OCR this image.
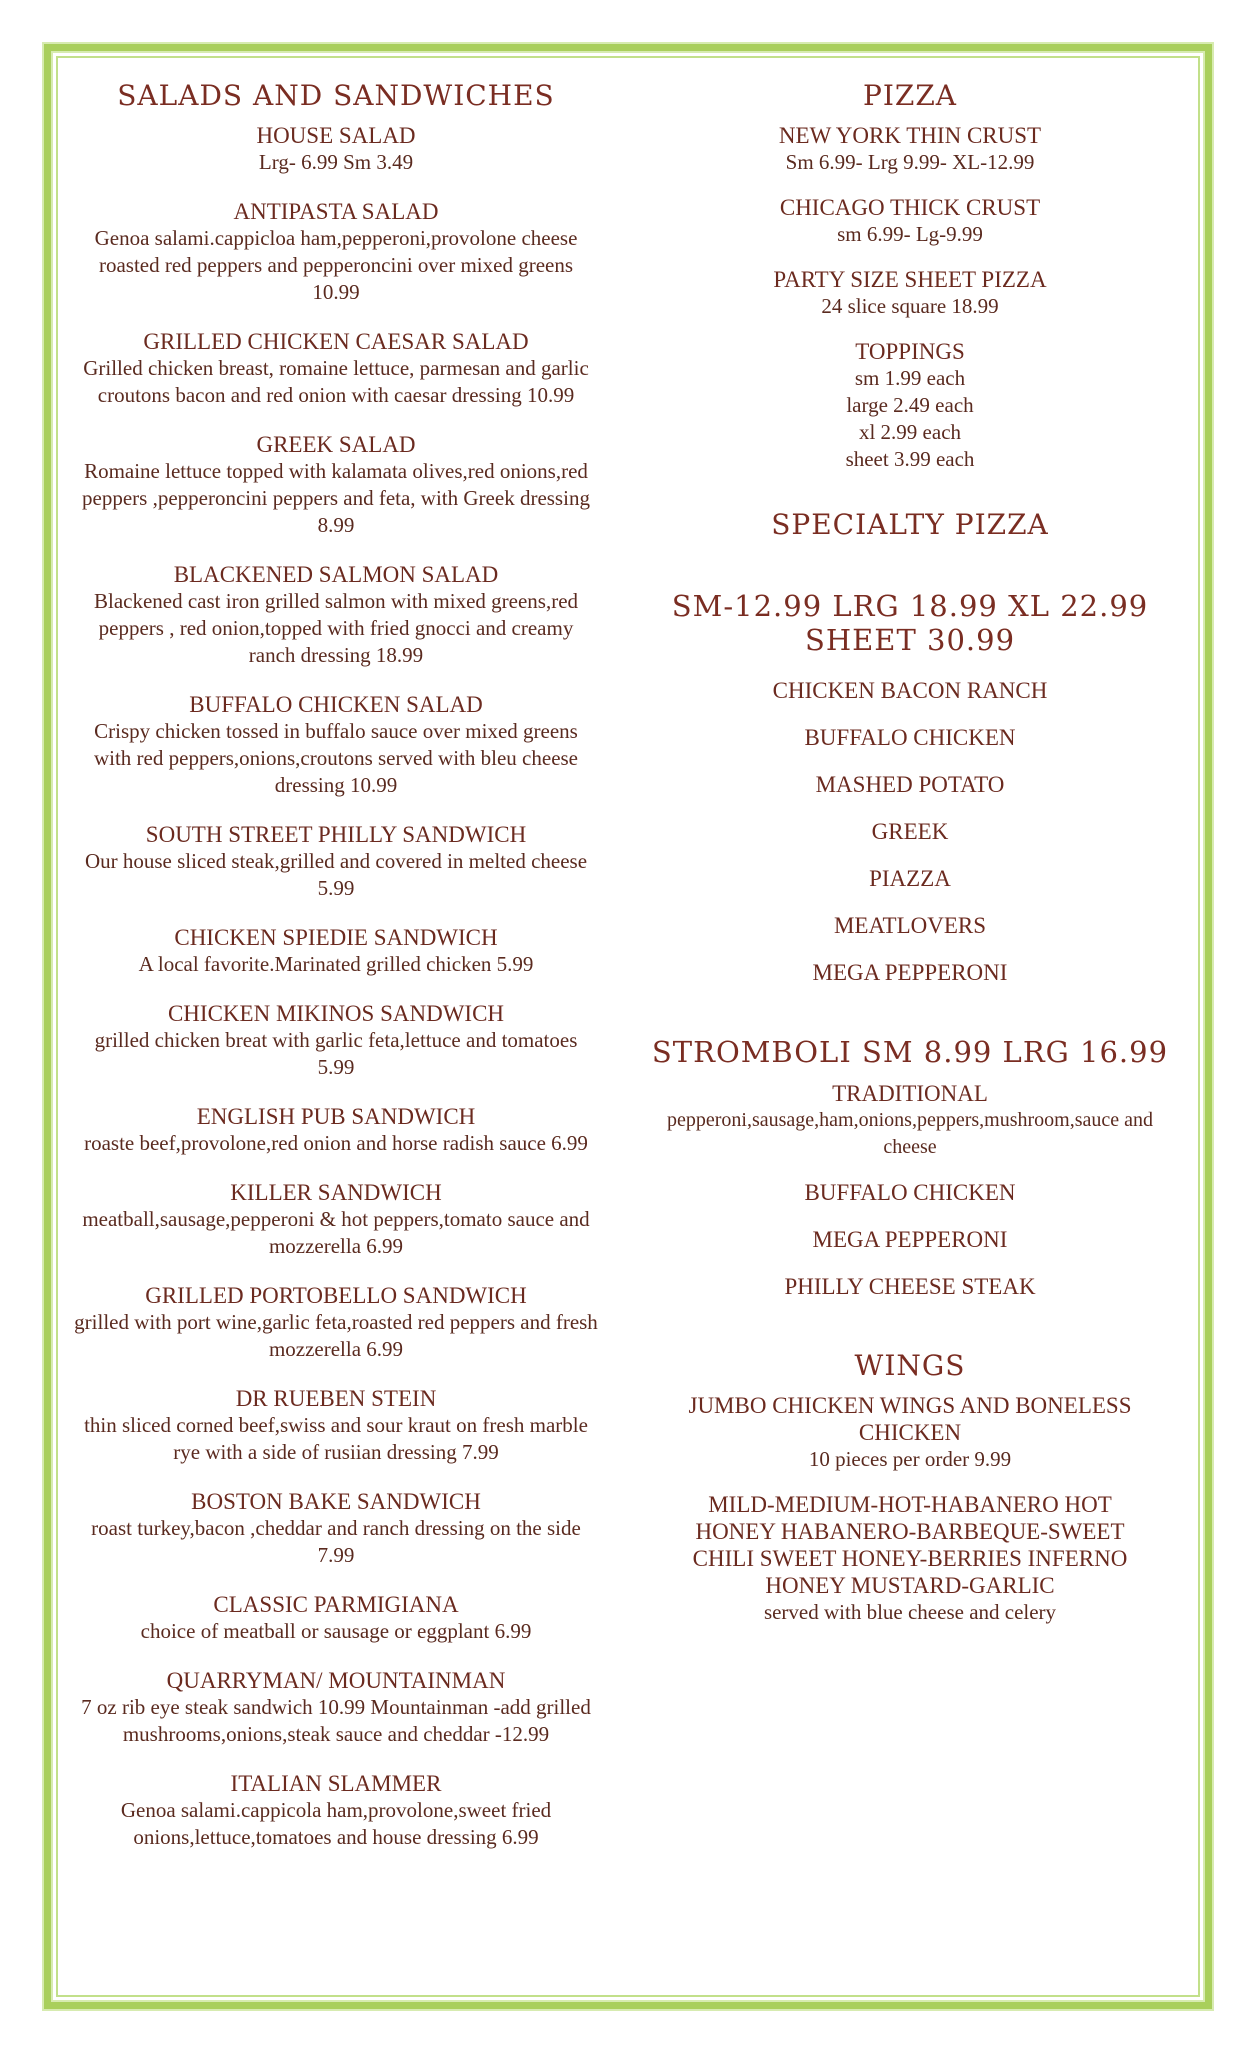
SALADS AND SANDWICHES
HOUSE SALAD
Lrg- 6.99 Sm 3.49
ANTIPASTA SALAD
Genoa salami.cappicloa ham,pepperoni,provolone cheese roasted red peppers and pepperoncini over mixed greens 10.99
GRILLED CHICKEN CAESAR SALAD
Grilled chicken breast, romaine lettuce, parmesan and garlic croutons bacon and red onion with caesar dressing 10.99
GREEK SALAD
Romaine lettuce topped with kalamata olives,red onions,red peppers ,pepperoncini peppers and feta, with Greek dressing 8.99
BLACKENED SALMON SALAD
Blackened cast iron grilled salmon with mixed greens,red peppers , red onion,topped with fried gnocci and creamy ranch dressing 18.99
BUFFALO CHICKEN SALAD
Crispy chicken tossed in buffalo sauce over mixed greens with red peppers,onions,croutons served with bleu cheese dressing 10.99
SOUTH STREET PHILLY SANDWICH
Our house sliced steak,grilled and covered in melted cheese 5.99
CHICKEN SPIEDIE SANDWICH
A local favorite.Marinated grilled chicken 5.99
CHICKEN MIKINOS SANDWICH
grilled chicken breat with garlic feta,lettuce and tomatoes 5.99
ENGLISH PUB SANDWICH
roaste beef,provolone,red onion and horse radish sauce 6.99
KILLER SANDWICH
meatball,sausage,pepperoni & hot peppers,tomato sauce and mozzerella 6.99
GRILLED PORTOBELLO SANDWICH
grilled with port wine,garlic feta,roasted red peppers and fresh mozzerella 6.99
DR RUEBEN STEIN
thin sliced corned beef,swiss and sour kraut on fresh marble rye with a side of rusiian dressing 7.99
BOSTON BAKE SANDWICH
roast turkey,bacon ,cheddar and ranch dressing on the side 7.99
CLASSIC PARMIGIANA
choice of meatball or sausage or eggplant 6.99
QUARRYMAN/ MOUNTAINMAN
7 oz rib eye steak sandwich 10.99 Mountainman -add grilled mushrooms,onions,steak sauce and cheddar -12.99
ITALIAN SLAMMER
Genoa salami.cappicola ham,provolone,sweet fried onions,lettuce,tomatoes and house dressing 6.99
PIZZA
NEW YORK THIN CRUST
Sm 6.99- Lrg 9.99- XL-12.99
CHICAGO THICK CRUST
sm 6.99- Lg-9.99
PARTY SIZE SHEET PIZZA
24 slice square 18.99
TOPPINGS
sm 1.99 each
large 2.49 each
xl 2.99 each
sheet 3.99 each
SPECIALTY PIZZA
SM-12.99 LRG 18.99 XL 22.99
SHEET 30.99
CHICKEN BACON RANCH
BUFFALO CHICKEN
MASHED POTATO
GREEK
PIAZZA
MEATLOVERS
MEGA PEPPERONI
STROMBOLI SM 8.99 LRG 16.99
TRADITIONAL
pepperoni,sausage,ham,onions,peppers,mushroom,sauce and cheese
BUFFALO CHICKEN
MEGA PEPPERONI
PHILLY CHEESE STEAK
WINGS
JUMBO CHICKEN WINGS AND BONELESS CHICKEN
10 pieces per order 9.99
MILD-MEDIUM-HOT-HABANERO HOT
HONEY HABANERO-BARBEQUE-SWEET
CHILI SWEET HONEY-BERRIES INFERNO
HONEY MUSTARD-GARLIC
served with blue cheese and celery
